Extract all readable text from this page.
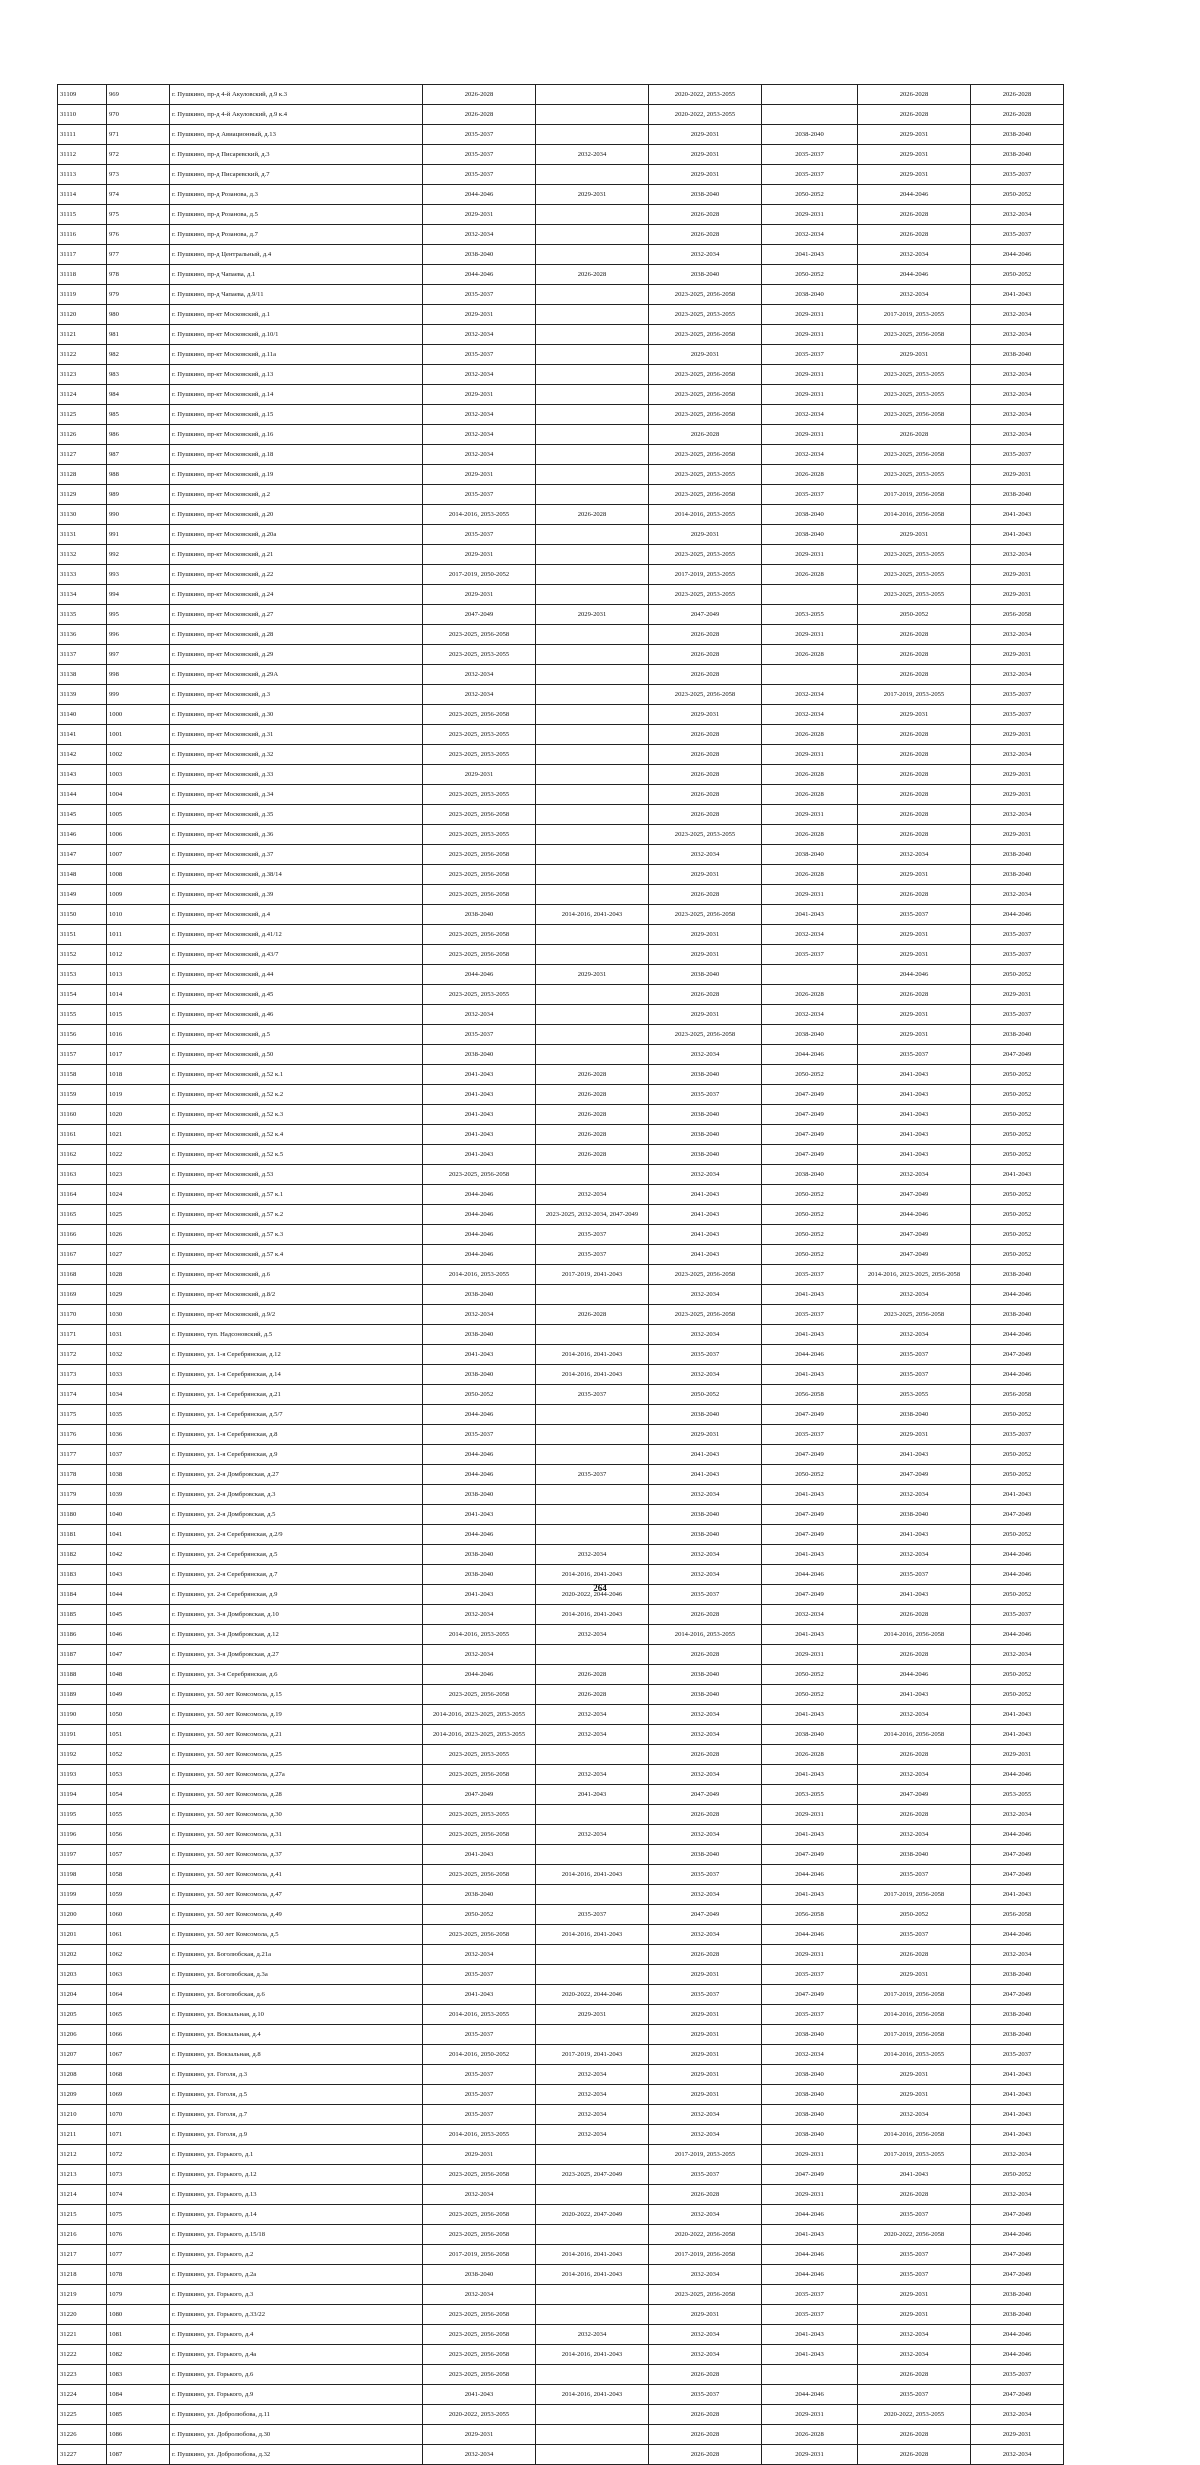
31109	969	г. Пушкино, пр-д 4-й Акуловский, д.9 к.3	2026-2028		2020-2022, 2053-2055		2026-2028	2026-2028
31110	970	г. Пушкино, пр-д 4-й Акуловский, д.9 к.4	2026-2028		2020-2022, 2053-2055		2026-2028	2026-2028
31111	971	г. Пушкино, пр-д Авиационный, д.13	2035-2037		2029-2031	2038-2040	2029-2031	2038-2040
31112	972	г. Пушкино, пр-д Писаревский, д.3	2035-2037	2032-2034	2029-2031	2035-2037	2029-2031	2038-2040
31113	973	г. Пушкино, пр-д Писаревский, д.7	2035-2037		2029-2031	2035-2037	2029-2031	2035-2037
31114	974	г. Пушкино, пр-д Розанова, д.3	2044-2046	2029-2031	2038-2040	2050-2052	2044-2046	2050-2052
31115	975	г. Пушкино, пр-д Розанова, д.5	2029-2031		2026-2028	2029-2031	2026-2028	2032-2034
31116	976	г. Пушкино, пр-д Розанова, д.7	2032-2034		2026-2028	2032-2034	2026-2028	2035-2037
31117	977	г. Пушкино, пр-д Центральный, д.4	2038-2040		2032-2034	2041-2043	2032-2034	2044-2046
31118	978	г. Пушкино, пр-д Чапаева, д.1	2044-2046	2026-2028	2038-2040	2050-2052	2044-2046	2050-2052
31119	979	г. Пушкино, пр-д Чапаева, д.9/11	2035-2037		2023-2025, 2056-2058	2038-2040	2032-2034	2041-2043
31120	980	г. Пушкино, пр-кт Московский, д.1	2029-2031		2023-2025, 2053-2055	2029-2031	2017-2019, 2053-2055	2032-2034
31121	981	г. Пушкино, пр-кт Московский, д.10/1	2032-2034		2023-2025, 2056-2058	2029-2031	2023-2025, 2056-2058	2032-2034
31122	982	г. Пушкино, пр-кт Московский, д.11а	2035-2037		2029-2031	2035-2037	2029-2031	2038-2040
31123	983	г. Пушкино, пр-кт Московский, д.13	2032-2034		2023-2025, 2056-2058	2029-2031	2023-2025, 2053-2055	2032-2034
31124	984	г. Пушкино, пр-кт Московский, д.14	2029-2031		2023-2025, 2056-2058	2029-2031	2023-2025, 2053-2055	2032-2034
31125	985	г. Пушкино, пр-кт Московский, д.15	2032-2034		2023-2025, 2056-2058	2032-2034	2023-2025, 2056-2058	2032-2034
31126	986	г. Пушкино, пр-кт Московский, д.16	2032-2034		2026-2028	2029-2031	2026-2028	2032-2034
31127	987	г. Пушкино, пр-кт Московский, д.18	2032-2034		2023-2025, 2056-2058	2032-2034	2023-2025, 2056-2058	2035-2037
31128	988	г. Пушкино, пр-кт Московский, д.19	2029-2031		2023-2025, 2053-2055	2026-2028	2023-2025, 2053-2055	2029-2031
31129	989	г. Пушкино, пр-кт Московский, д.2	2035-2037		2023-2025, 2056-2058	2035-2037	2017-2019, 2056-2058	2038-2040
31130	990	г. Пушкино, пр-кт Московский, д.20	2014-2016, 2053-2055	2026-2028	2014-2016, 2053-2055	2038-2040	2014-2016, 2056-2058	2041-2043
31131	991	г. Пушкино, пр-кт Московский, д.20а	2035-2037		2029-2031	2038-2040	2029-2031	2041-2043
31132	992	г. Пушкино, пр-кт Московский, д.21	2029-2031		2023-2025, 2053-2055	2029-2031	2023-2025, 2053-2055	2032-2034
31133	993	г. Пушкино, пр-кт Московский, д.22	2017-2019, 2050-2052		2017-2019, 2053-2055	2026-2028	2023-2025, 2053-2055	2029-2031
31134	994	г. Пушкино, пр-кт Московский, д.24	2029-2031		2023-2025, 2053-2055		2023-2025, 2053-2055	2029-2031
31135	995	г. Пушкино, пр-кт Московский, д.27	2047-2049	2029-2031	2047-2049	2053-2055	2050-2052	2056-2058
31136	996	г. Пушкино, пр-кт Московский, д.28	2023-2025, 2056-2058		2026-2028	2029-2031	2026-2028	2032-2034
31137	997	г. Пушкино, пр-кт Московский, д.29	2023-2025, 2053-2055		2026-2028	2026-2028	2026-2028	2029-2031
31138	998	г. Пушкино, пр-кт Московский, д.29А	2032-2034		2026-2028		2026-2028	2032-2034
31139	999	г. Пушкино, пр-кт Московский, д.3	2032-2034		2023-2025, 2056-2058	2032-2034	2017-2019, 2053-2055	2035-2037
31140	1000	г. Пушкино, пр-кт Московский, д.30	2023-2025, 2056-2058		2029-2031	2032-2034	2029-2031	2035-2037
31141	1001	г. Пушкино, пр-кт Московский, д.31	2023-2025, 2053-2055		2026-2028	2026-2028	2026-2028	2029-2031
31142	1002	г. Пушкино, пр-кт Московский, д.32	2023-2025, 2053-2055		2026-2028	2029-2031	2026-2028	2032-2034
31143	1003	г. Пушкино, пр-кт Московский, д.33	2029-2031		2026-2028	2026-2028	2026-2028	2029-2031
31144	1004	г. Пушкино, пр-кт Московский, д.34	2023-2025, 2053-2055		2026-2028	2026-2028	2026-2028	2029-2031
31145	1005	г. Пушкино, пр-кт Московский, д.35	2023-2025, 2056-2058		2026-2028	2029-2031	2026-2028	2032-2034
31146	1006	г. Пушкино, пр-кт Московский, д.36	2023-2025, 2053-2055		2023-2025, 2053-2055	2026-2028	2026-2028	2029-2031
31147	1007	г. Пушкино, пр-кт Московский, д.37	2023-2025, 2056-2058		2032-2034	2038-2040	2032-2034	2038-2040
31148	1008	г. Пушкино, пр-кт Московский, д.38/14	2023-2025, 2056-2058		2029-2031	2026-2028	2029-2031	2038-2040
31149	1009	г. Пушкино, пр-кт Московский, д.39	2023-2025, 2056-2058		2026-2028	2029-2031	2026-2028	2032-2034
31150	1010	г. Пушкино, пр-кт Московский, д.4	2038-2040	2014-2016, 2041-2043	2023-2025, 2056-2058	2041-2043	2035-2037	2044-2046
31151	1011	г. Пушкино, пр-кт Московский, д.41/12	2023-2025, 2056-2058		2029-2031	2032-2034	2029-2031	2035-2037
31152	1012	г. Пушкино, пр-кт Московский, д.43/7	2023-2025, 2056-2058		2029-2031	2035-2037	2029-2031	2035-2037
31153	1013	г. Пушкино, пр-кт Московский, д.44	2044-2046	2029-2031	2038-2040		2044-2046	2050-2052
31154	1014	г. Пушкино, пр-кт Московский, д.45	2023-2025, 2053-2055		2026-2028	2026-2028	2026-2028	2029-2031
31155	1015	г. Пушкино, пр-кт Московский, д.46	2032-2034		2029-2031	2032-2034	2029-2031	2035-2037
31156	1016	г. Пушкино, пр-кт Московский, д.5	2035-2037		2023-2025, 2056-2058	2038-2040	2029-2031	2038-2040
31157	1017	г. Пушкино, пр-кт Московский, д.50	2038-2040		2032-2034	2044-2046	2035-2037	2047-2049
31158	1018	г. Пушкино, пр-кт Московский, д.52 к.1	2041-2043	2026-2028	2038-2040	2050-2052	2041-2043	2050-2052
31159	1019	г. Пушкино, пр-кт Московский, д.52 к.2	2041-2043	2026-2028	2035-2037	2047-2049	2041-2043	2050-2052
31160	1020	г. Пушкино, пр-кт Московский, д.52 к.3	2041-2043	2026-2028	2038-2040	2047-2049	2041-2043	2050-2052
31161	1021	г. Пушкино, пр-кт Московский, д.52 к.4	2041-2043	2026-2028	2038-2040	2047-2049	2041-2043	2050-2052
31162	1022	г. Пушкино, пр-кт Московский, д.52 к.5	2041-2043	2026-2028	2038-2040	2047-2049	2041-2043	2050-2052
31163	1023	г. Пушкино, пр-кт Московский, д.53	2023-2025, 2056-2058		2032-2034	2038-2040	2032-2034	2041-2043
31164	1024	г. Пушкино, пр-кт Московский, д.57 к.1	2044-2046	2032-2034	2041-2043	2050-2052	2047-2049	2050-2052
31165	1025	г. Пушкино, пр-кт Московский, д.57 к.2	2044-2046	2023-2025, 2032-2034, 2047-2049	2041-2043	2050-2052	2044-2046	2050-2052
31166	1026	г. Пушкино, пр-кт Московский, д.57 к.3	2044-2046	2035-2037	2041-2043	2050-2052	2047-2049	2050-2052
31167	1027	г. Пушкино, пр-кт Московский, д.57 к.4	2044-2046	2035-2037	2041-2043	2050-2052	2047-2049	2050-2052
31168	1028	г. Пушкино, пр-кт Московский, д.6	2014-2016, 2053-2055	2017-2019, 2041-2043	2023-2025, 2056-2058	2035-2037	2014-2016, 2023-2025, 2056-2058	2038-2040
31169	1029	г. Пушкино, пр-кт Московский, д.8/2	2038-2040		2032-2034	2041-2043	2032-2034	2044-2046
31170	1030	г. Пушкино, пр-кт Московский, д.9/2	2032-2034	2026-2028	2023-2025, 2056-2058	2035-2037	2023-2025, 2056-2058	2038-2040
31171	1031	г. Пушкино, туп. Надсоновский, д.5	2038-2040		2032-2034	2041-2043	2032-2034	2044-2046
31172	1032	г. Пушкино, ул. 1-я Серебрянская, д.12	2041-2043	2014-2016, 2041-2043	2035-2037	2044-2046	2035-2037	2047-2049
31173	1033	г. Пушкино, ул. 1-я Серебрянская, д.14	2038-2040	2014-2016, 2041-2043	2032-2034	2041-2043	2035-2037	2044-2046
31174	1034	г. Пушкино, ул. 1-я Серебрянская, д.21	2050-2052	2035-2037	2050-2052	2056-2058	2053-2055	2056-2058
31175	1035	г. Пушкино, ул. 1-я Серебрянская, д.5/7	2044-2046		2038-2040	2047-2049	2038-2040	2050-2052
31176	1036	г. Пушкино, ул. 1-я Серебрянская, д.8	2035-2037		2029-2031	2035-2037	2029-2031	2035-2037
31177	1037	г. Пушкино, ул. 1-я Серебрянская, д.9	2044-2046		2041-2043	2047-2049	2041-2043	2050-2052
31178	1038	г. Пушкино, ул. 2-я Домбровская, д.27	2044-2046	2035-2037	2041-2043	2050-2052	2047-2049	2050-2052
31179	1039	г. Пушкино, ул. 2-я Домбровская, д.3	2038-2040		2032-2034	2041-2043	2032-2034	2041-2043
31180	1040	г. Пушкино, ул. 2-я Домбровская, д.5	2041-2043		2038-2040	2047-2049	2038-2040	2047-2049
31181	1041	г. Пушкино, ул. 2-я Серебрянская, д.2/9	2044-2046		2038-2040	2047-2049	2041-2043	2050-2052
31182	1042	г. Пушкино, ул. 2-я Серебрянская, д.5	2038-2040	2032-2034	2032-2034	2041-2043	2032-2034	2044-2046
31183	1043	г. Пушкино, ул. 2-я Серебрянская, д.7	2038-2040	2014-2016, 2041-2043	2032-2034	2044-2046	2035-2037	2044-2046
31184	1044	г. Пушкино, ул. 2-я Серебрянская, д.9	2041-2043	2020-2022, 2044-2046	2035-2037	2047-2049	2041-2043	2050-2052
31185	1045	г. Пушкино, ул. 3-я Домбровская, д.10	2032-2034	2014-2016, 2041-2043	2026-2028	2032-2034	2026-2028	2035-2037
31186	1046	г. Пушкино, ул. 3-я Домбровская, д.12	2014-2016, 2053-2055	2032-2034	2014-2016, 2053-2055	2041-2043	2014-2016, 2056-2058	2044-2046
31187	1047	г. Пушкино, ул. 3-я Домбровская, д.27	2032-2034		2026-2028	2029-2031	2026-2028	2032-2034
31188	1048	г. Пушкино, ул. 3-я Серебрянская, д.6	2044-2046	2026-2028	2038-2040	2050-2052	2044-2046	2050-2052
31189	1049	г. Пушкино, ул. 50 лет Комсомола, д.15	2023-2025, 2056-2058	2026-2028	2038-2040	2050-2052	2041-2043	2050-2052
31190	1050	г. Пушкино, ул. 50 лет Комсомола, д.19	2014-2016, 2023-2025, 2053-2055	2032-2034	2032-2034	2041-2043	2032-2034	2041-2043
31191	1051	г. Пушкино, ул. 50 лет Комсомола, д.21	2014-2016, 2023-2025, 2053-2055	2032-2034	2032-2034	2038-2040	2014-2016, 2056-2058	2041-2043
31192	1052	г. Пушкино, ул. 50 лет Комсомола, д.25	2023-2025, 2053-2055		2026-2028	2026-2028	2026-2028	2029-2031
31193	1053	г. Пушкино, ул. 50 лет Комсомола, д.27а	2023-2025, 2056-2058	2032-2034	2032-2034	2041-2043	2032-2034	2044-2046
31194	1054	г. Пушкино, ул. 50 лет Комсомола, д.28	2047-2049	2041-2043	2047-2049	2053-2055	2047-2049	2053-2055
31195	1055	г. Пушкино, ул. 50 лет Комсомола, д.30	2023-2025, 2053-2055		2026-2028	2029-2031	2026-2028	2032-2034
31196	1056	г. Пушкино, ул. 50 лет Комсомола, д.31	2023-2025, 2056-2058	2032-2034	2032-2034	2041-2043	2032-2034	2044-2046
31197	1057	г. Пушкино, ул. 50 лет Комсомола, д.37	2041-2043		2038-2040	2047-2049	2038-2040	2047-2049
31198	1058	г. Пушкино, ул. 50 лет Комсомола, д.41	2023-2025, 2056-2058	2014-2016, 2041-2043	2035-2037	2044-2046	2035-2037	2047-2049
31199	1059	г. Пушкино, ул. 50 лет Комсомола, д.47	2038-2040		2032-2034	2041-2043	2017-2019, 2056-2058	2041-2043
31200	1060	г. Пушкино, ул. 50 лет Комсомола, д.49	2050-2052	2035-2037	2047-2049	2056-2058	2050-2052	2056-2058
31201	1061	г. Пушкино, ул. 50 лет Комсомола, д.5	2023-2025, 2056-2058	2014-2016, 2041-2043	2032-2034	2044-2046	2035-2037	2044-2046
31202	1062	г. Пушкино, ул. Боголюбская, д.21а	2032-2034		2026-2028	2029-2031	2026-2028	2032-2034
31203	1063	г. Пушкино, ул. Боголюбская, д.3а	2035-2037		2029-2031	2035-2037	2029-2031	2038-2040
31204	1064	г. Пушкино, ул. Боголюбская, д.6	2041-2043	2020-2022, 2044-2046	2035-2037	2047-2049	2017-2019, 2056-2058	2047-2049
31205	1065	г. Пушкино, ул. Вокзальная, д.10	2014-2016, 2053-2055	2029-2031	2029-2031	2035-2037	2014-2016, 2056-2058	2038-2040
31206	1066	г. Пушкино, ул. Вокзальная, д.4	2035-2037		2029-2031	2038-2040	2017-2019, 2056-2058	2038-2040
31207	1067	г. Пушкино, ул. Вокзальная, д.8	2014-2016, 2050-2052	2017-2019, 2041-2043	2029-2031	2032-2034	2014-2016, 2053-2055	2035-2037
31208	1068	г. Пушкино, ул. Гоголя, д.3	2035-2037	2032-2034	2029-2031	2038-2040	2029-2031	2041-2043
31209	1069	г. Пушкино, ул. Гоголя, д.5	2035-2037	2032-2034	2029-2031	2038-2040	2029-2031	2041-2043
31210	1070	г. Пушкино, ул. Гоголя, д.7	2035-2037	2032-2034	2032-2034	2038-2040	2032-2034	2041-2043
31211	1071	г. Пушкино, ул. Гоголя, д.9	2014-2016, 2053-2055	2032-2034	2032-2034	2038-2040	2014-2016, 2056-2058	2041-2043
31212	1072	г. Пушкино, ул. Горького, д.1	2029-2031		2017-2019, 2053-2055	2029-2031	2017-2019, 2053-2055	2032-2034
31213	1073	г. Пушкино, ул. Горького, д.12	2023-2025, 2056-2058	2023-2025, 2047-2049	2035-2037	2047-2049	2041-2043	2050-2052
31214	1074	г. Пушкино, ул. Горького, д.13	2032-2034		2026-2028	2029-2031	2026-2028	2032-2034
31215	1075	г. Пушкино, ул. Горького, д.14	2023-2025, 2056-2058	2020-2022, 2047-2049	2032-2034	2044-2046	2035-2037	2047-2049
31216	1076	г. Пушкино, ул. Горького, д.15/18	2023-2025, 2056-2058		2020-2022, 2056-2058	2041-2043	2020-2022, 2056-2058	2044-2046
31217	1077	г. Пушкино, ул. Горького, д.2	2017-2019, 2056-2058	2014-2016, 2041-2043	2017-2019, 2056-2058	2044-2046	2035-2037	2047-2049
31218	1078	г. Пушкино, ул. Горького, д.2а	2038-2040	2014-2016, 2041-2043	2032-2034	2044-2046	2035-2037	2047-2049
31219	1079	г. Пушкино, ул. Горького, д.3	2032-2034		2023-2025, 2056-2058	2035-2037	2029-2031	2038-2040
31220	1080	г. Пушкино, ул. Горького, д.33/22	2023-2025, 2056-2058		2029-2031	2035-2037	2029-2031	2038-2040
31221	1081	г. Пушкино, ул. Горького, д.4	2023-2025, 2056-2058	2032-2034	2032-2034	2041-2043	2032-2034	2044-2046
31222	1082	г. Пушкино, ул. Горького, д.4а	2023-2025, 2056-2058	2014-2016, 2041-2043	2032-2034	2041-2043	2032-2034	2044-2046
31223	1083	г. Пушкино, ул. Горького, д.6	2023-2025, 2056-2058		2026-2028		2026-2028	2035-2037
31224	1084	г. Пушкино, ул. Горького, д.9	2041-2043	2014-2016, 2041-2043	2035-2037	2044-2046	2035-2037	2047-2049
31225	1085	г. Пушкино, ул. Добролюбова, д.11	2020-2022, 2053-2055		2026-2028	2029-2031	2020-2022, 2053-2055	2032-2034
31226	1086	г. Пушкино, ул. Добролюбова, д.30	2029-2031		2026-2028	2026-2028	2026-2028	2029-2031
31227	1087	г. Пушкино, ул. Добролюбова, д.32	2032-2034		2026-2028	2029-2031	2026-2028	2032-2034
264
